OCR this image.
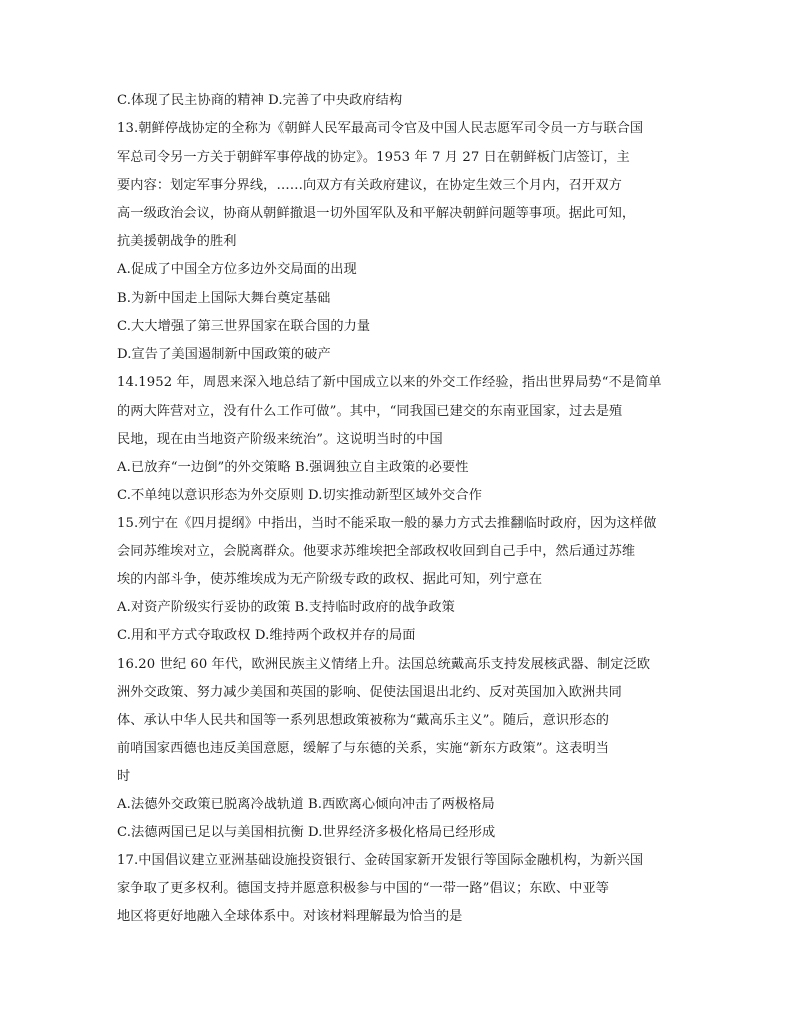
C.体现了民主协商的精神 D.完善了中央政府结构
13.朝鲜停战协定的全称为《朝鲜人民军最高司令官及中国人民志愿军司令员一方与联合国
军总司令另一方关于朝鲜军事停战的协定》。1953 年 7 月 27 日在朝鲜板门店签订，主
要内容：划定军事分界线，……向双方有关政府建议，在协定生效三个月内，召开双方
高一级政治会议，协商从朝鲜撤退一切外国军队及和平解决朝鲜问题等事项。据此可知，
抗美援朝战争的胜利
A.促成了中国全方位多边外交局面的出现
B.为新中国走上国际大舞台奠定基础
C.大大增强了第三世界国家在联合国的力量
D.宣告了美国遏制新中国政策的破产
14.1952 年，周恩来深入地总结了新中国成立以来的外交工作经验，指出世界局势“不是简单
的两大阵营对立，没有什么工作可做”。其中，“同我国已建交的东南亚国家，过去是殖
民地，现在由当地资产阶级来统治”。这说明当时的中国
A.已放弃“一边倒”的外交策略 B.强调独立自主政策的必要性
C.不单纯以意识形态为外交原则 D.切实推动新型区域外交合作
15.列宁在《四月提纲》中指出，当时不能采取一般的暴力方式去推翻临时政府，因为这样做
会同苏维埃对立，会脱离群众。他要求苏维埃把全部政权收回到自己手中，然后通过苏维
埃的内部斗争，使苏维埃成为无产阶级专政的政权、据此可知，列宁意在
A.对资产阶级实行妥协的政策 B.支持临时政府的战争政策
C.用和平方式夺取政权 D.维持两个政权并存的局面
16.20 世纪 60 年代，欧洲民族主义情绪上升。法国总统戴高乐支持发展核武器、制定泛欧
洲外交政策、努力减少美国和英国的影响、促使法国退出北约、反对英国加入欧洲共同
体、承认中华人民共和国等一系列思想政策被称为“戴高乐主义”。随后，意识形态的
前哨国家西德也违反美国意愿，缓解了与东德的关系，实施“新东方政策”。这表明当
时
A.法德外交政策已脱离冷战轨道 B.西欧离心倾向冲击了两极格局
C.法德两国已足以与美国相抗衡 D.世界经济多极化格局已经形成
17.中国倡议建立亚洲基础设施投资银行、金砖国家新开发银行等国际金融机构，为新兴国
家争取了更多权利。德国支持并愿意积极参与中国的“一带一路”倡议；东欧、中亚等
地区将更好地融入全球体系中。对该材料理解最为恰当的是
